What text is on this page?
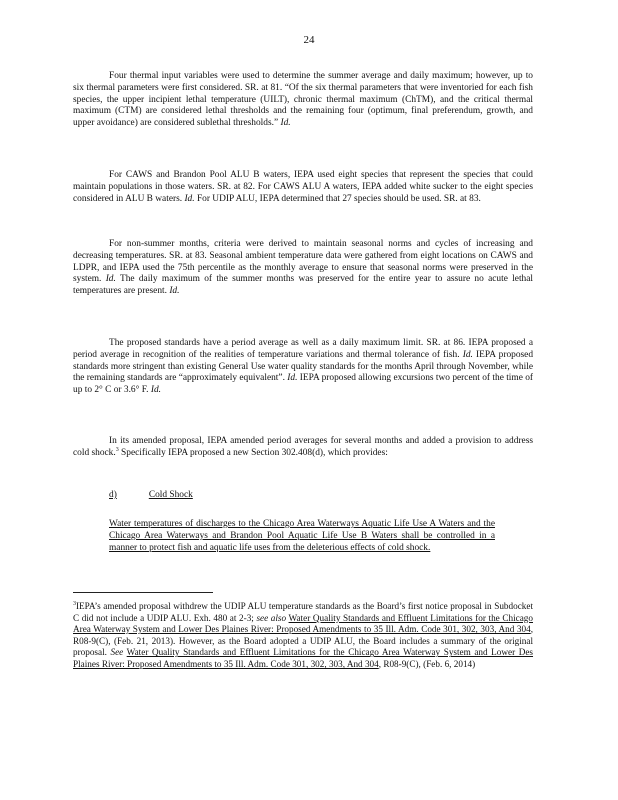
24

Four thermal input variables were used to determine the summer average and daily maximum; however, up to six thermal parameters were first considered. SR. at 81. “Of the six thermal parameters that were inventoried for each fish species, the upper incipient lethal temperature (UILT), chronic thermal maximum (ChTM), and the critical thermal maximum (CTM) are considered lethal thresholds and the remaining four (optimum, final preferendum, growth, and upper avoidance) are considered sublethal thresholds.” Id.

For CAWS and Brandon Pool ALU B waters, IEPA used eight species that represent the species that could maintain populations in those waters. SR. at 82. For CAWS ALU A waters, IEPA added white sucker to the eight species considered in ALU B waters. Id. For UDIP ALU, IEPA determined that 27 species should be used. SR. at 83.

For non-summer months, criteria were derived to maintain seasonal norms and cycles of increasing and decreasing temperatures. SR. at 83. Seasonal ambient temperature data were gathered from eight locations on CAWS and LDPR, and IEPA used the 75th percentile as the monthly average to ensure that seasonal norms were preserved in the system. Id. The daily maximum of the summer months was preserved for the entire year to assure no acute lethal temperatures are present. Id.

The proposed standards have a period average as well as a daily maximum limit. SR. at 86. IEPA proposed a period average in recognition of the realities of temperature variations and thermal tolerance of fish. Id. IEPA proposed standards more stringent than existing General Use water quality standards for the months April through November, while the remaining standards are “approximately equivalent”. Id. IEPA proposed allowing excursions two percent of the time of up to 2° C or 3.6° F. Id.

In its amended proposal, IEPA amended period averages for several months and added a provision to address cold shock.$^3$ Specifically IEPA proposed a new Section 302.408(d), which provides:

d)	Cold Shock
Water temperatures of discharges to the Chicago Area Waterways Aquatic Life Use A Waters and the Chicago Area Waterways and Brandon Pool Aquatic Life Use B Waters shall be controlled in a manner to protect fish and aquatic life uses from the deleterious effects of cold shock.

$^3$IEPA’s amended proposal withdrew the UDIP ALU temperature standards as the Board’s first notice proposal in Subdocket C did not include a UDIP ALU. Exh. 480 at 2-3; see also Water Quality Standards and Effluent Limitations for the Chicago Area Waterway System and Lower Des Plaines River: Proposed Amendments to 35 Ill. Adm. Code 301, 302, 303, And 304, R08-9(C), (Feb. 21, 2013). However, as the Board adopted a UDIP ALU, the Board includes a summary of the original proposal. See Water Quality Standards and Effluent Limitations for the Chicago Area Waterway System and Lower Des Plaines River: Proposed Amendments to 35 Ill. Adm. Code 301, 302, 303, And 304, R08-9(C), (Feb. 6, 2014)
